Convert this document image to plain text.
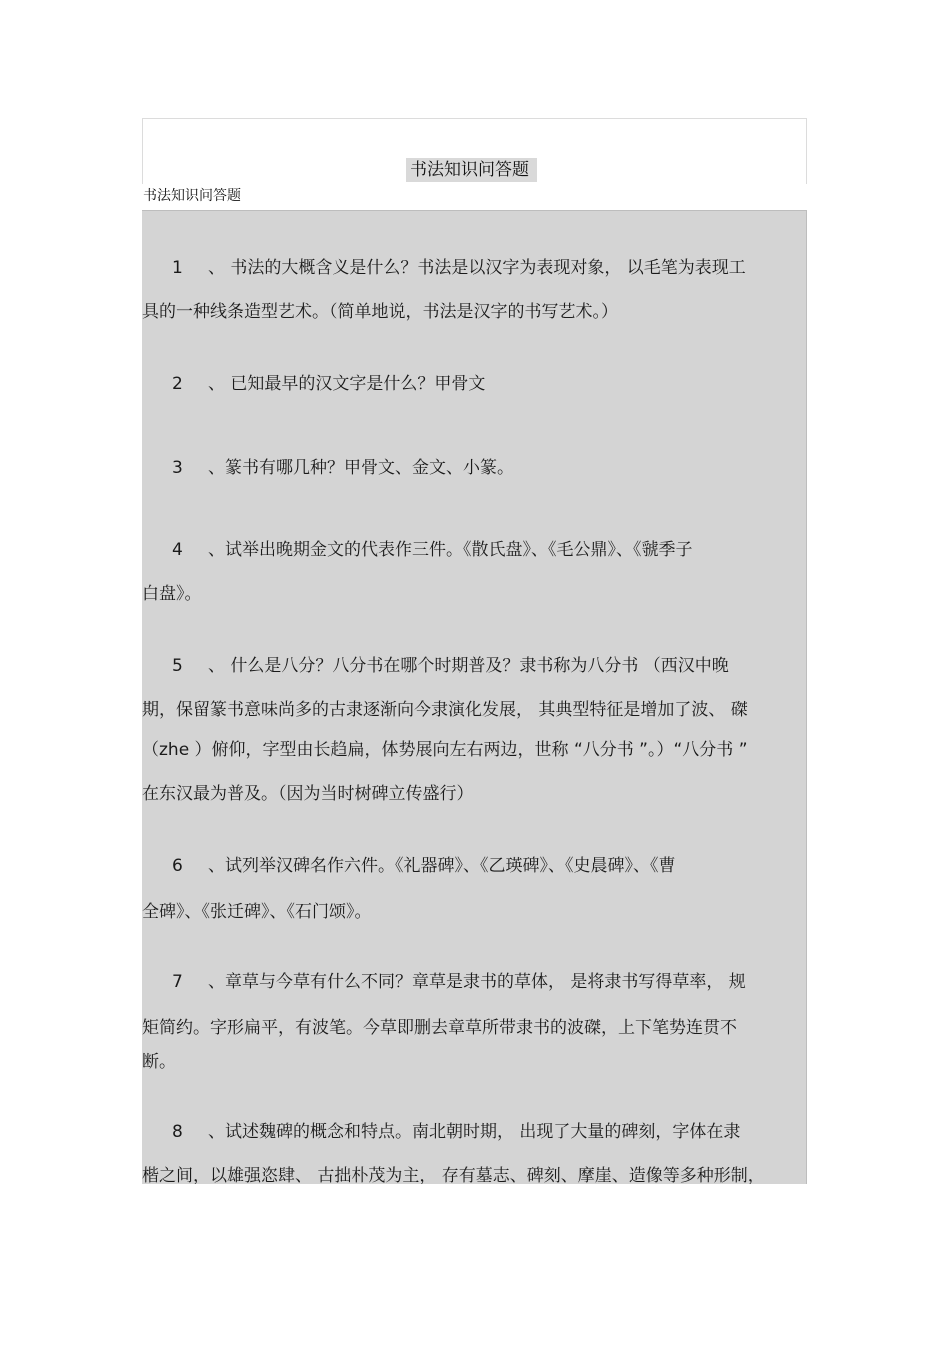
书法知识问答题
书法知识问答题
1 、 书法的大概含义是什么？书法是以汉字为表现对象， 以毛笔为表现工
具的一种线条造型艺术。（简单地说，书法是汉字的书写艺术。）
2 、 已知最早的汉文字是什么？甲骨文
3 、篆书有哪几种？甲骨文、金文、小篆。
4 、试举出晚期金文的代表作三件。《散氏盘》、《毛公鼎》、《虢季子
白盘》。
5 、 什么是八分？八分书在哪个时期普及？隶书称为八分书 （西汉中晚
期，保留篆书意味尚多的古隶逐渐向今隶演化发展， 其典型特征是增加了波、 磔
（zhe ）俯仰，字型由长趋扁，体势展向左右两边，世称 “八分书 ”。）“八分书 ”
在东汉最为普及。（因为当时树碑立传盛行）
6 、试列举汉碑名作六件。《礼器碑》、《乙瑛碑》、《史晨碑》、《曹
全碑》、《张迁碑》、《石门颂》。
7 、章草与今草有什么不同？章草是隶书的草体， 是将隶书写得草率， 规
矩简约。字形扁平，有波笔。今草即删去章草所带隶书的波磔，上下笔势连贯不
断。
8 、试述魏碑的概念和特点。南北朝时期， 出现了大量的碑刻，字体在隶
楷之间，以雄强恣肆、 古拙朴茂为主， 存有墓志、碑刻、摩崖、造像等多种形制，
